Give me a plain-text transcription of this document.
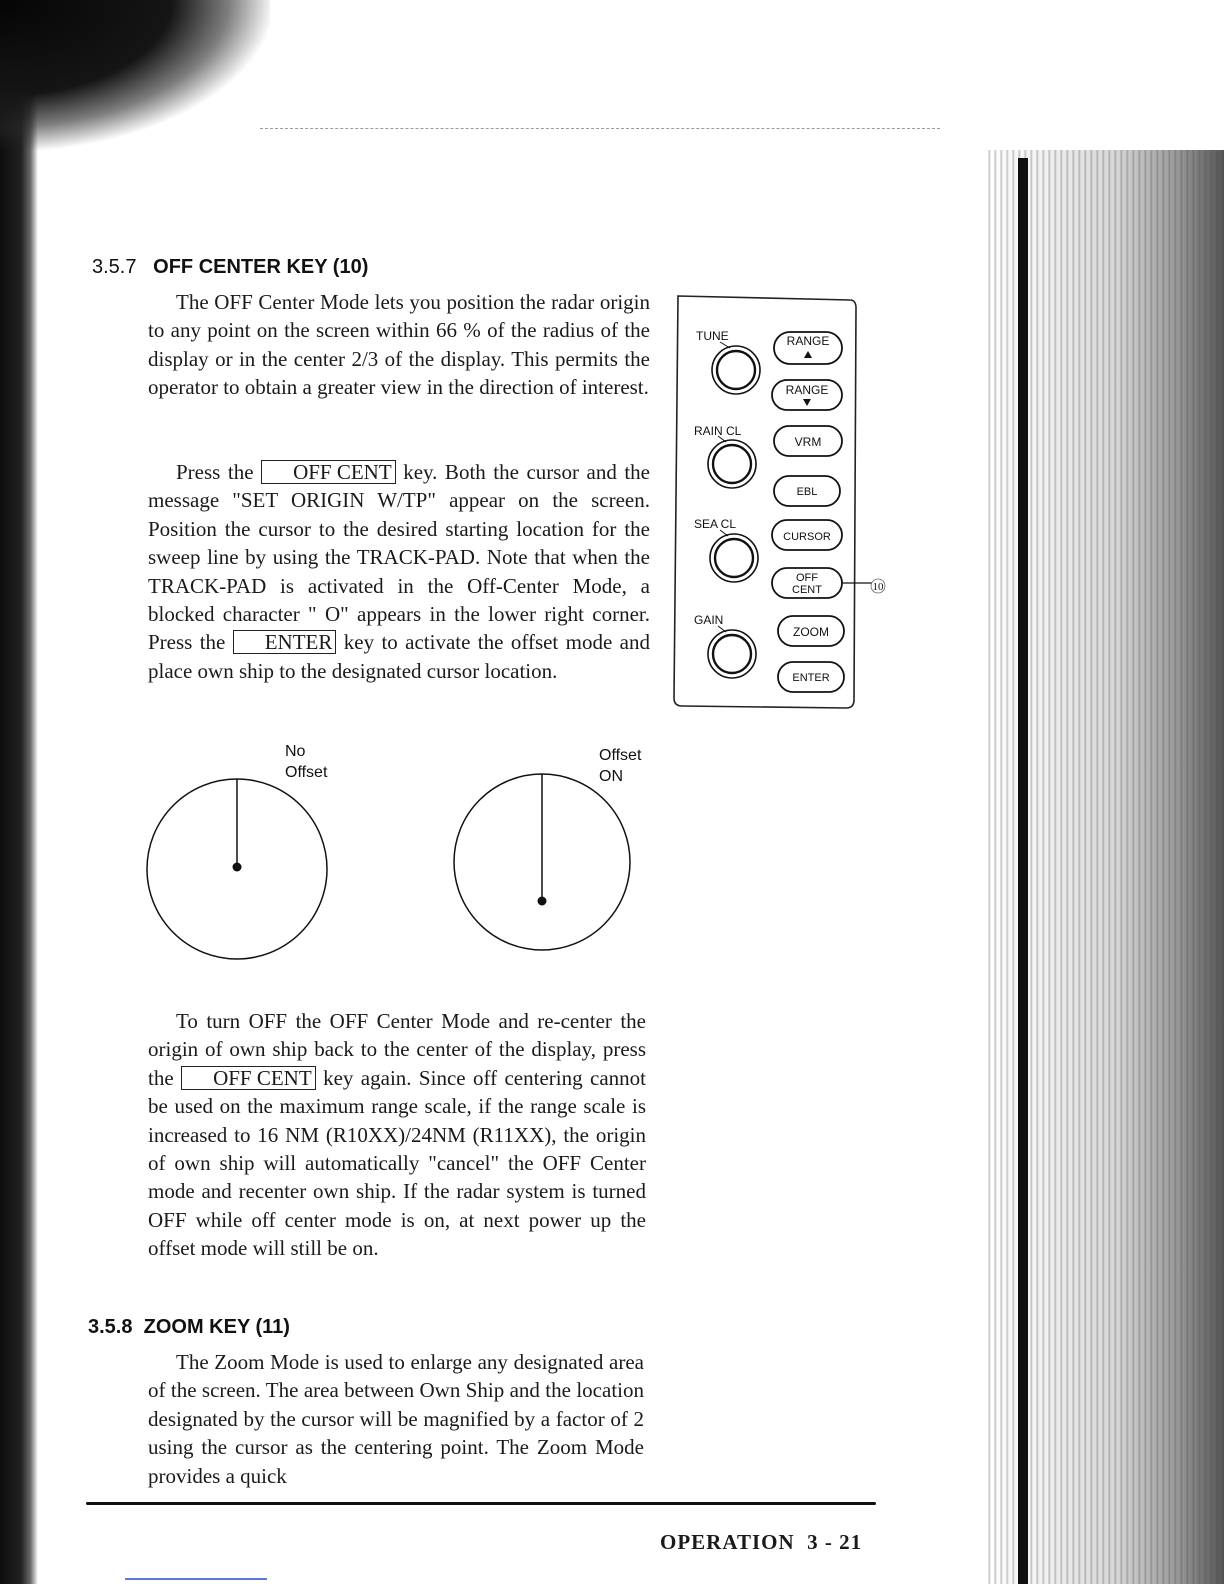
3.5.7 OFF CENTER KEY (10)

The OFF Center Mode lets you position the radar origin to any point on the screen within 66 % of the radius of the display or in the center 2/3 of the display. This permits the operator to obtain a greater view in the direction of interest.

Press the OFF CENT key. Both the cursor and the message "SET ORIGIN W/TP" appear on the screen. Position the cursor to the desired starting location for the sweep line by using the TRACK-PAD. Note that when the TRACK-PAD is activated in the Off-Center Mode, a blocked character " O" appears in the lower right corner. Press the ENTER key to activate the offset mode and place own ship to the designated cursor location.

TUNE
RAIN CL
SEA CL
GAIN
RANGE
RANGE
VRM
EBL
CURSOR
OFF
CENT
ZOOM
ENTER
10
No
Offset
Offset
ON

To turn OFF the OFF Center Mode and re-center the origin of own ship back to the center of the display, press the OFF CENT key again. Since off centering cannot be used on the maximum range scale, if the range scale is increased to 16 NM (R10XX)/24NM (R11XX), the origin of own ship will automatically "cancel" the OFF Center mode and recenter own ship. If the radar system is turned OFF while off center mode is on, at next power up the offset mode will still be on.

3.5.8 ZOOM KEY (11)

The Zoom Mode is used to enlarge any designated area of the screen. The area between Own Ship and the location designated by the cursor will be magnified by a factor of 2 using the cursor as the centering point. The Zoom Mode provides a quick

OPERATION 3 - 21
